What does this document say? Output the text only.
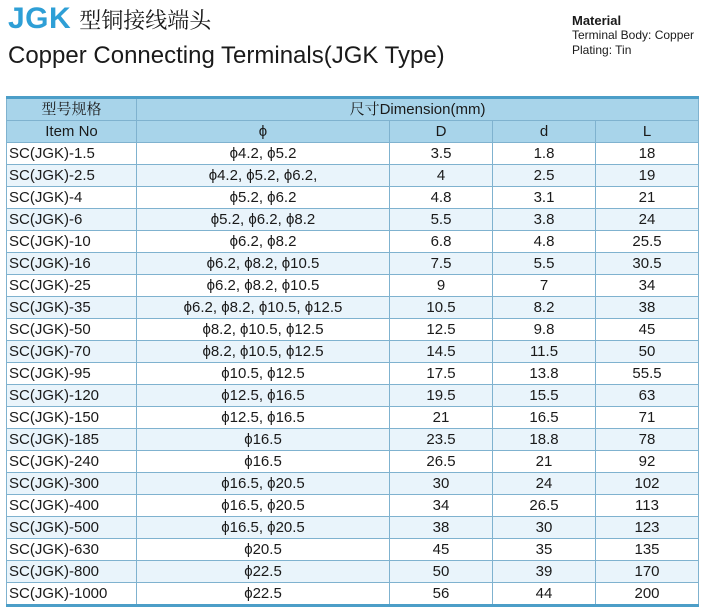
JGK 型铜接线端头
Copper Connecting Terminals(JGK Type)
Material
Terminal Body: Copper
Plating: Tin
型号规格	尺寸Dimension(mm)			
Item No	ϕ	D	d	L
SC(JGK)-1.5	ϕ4.2, ϕ5.2	3.5	1.8	18
SC(JGK)-2.5	ϕ4.2, ϕ5.2, ϕ6.2,	4	2.5	19
SC(JGK)-4	ϕ5.2, ϕ6.2	4.8	3.1	21
SC(JGK)-6	ϕ5.2, ϕ6.2, ϕ8.2	5.5	3.8	24
SC(JGK)-10	ϕ6.2, ϕ8.2	6.8	4.8	25.5
SC(JGK)-16	ϕ6.2, ϕ8.2, ϕ10.5	7.5	5.5	30.5
SC(JGK)-25	ϕ6.2, ϕ8.2, ϕ10.5	9	7	34
SC(JGK)-35	ϕ6.2, ϕ8.2, ϕ10.5, ϕ12.5	10.5	8.2	38
SC(JGK)-50	ϕ8.2, ϕ10.5, ϕ12.5	12.5	9.8	45
SC(JGK)-70	ϕ8.2, ϕ10.5, ϕ12.5	14.5	11.5	50
SC(JGK)-95	ϕ10.5, ϕ12.5	17.5	13.8	55.5
SC(JGK)-120	ϕ12.5, ϕ16.5	19.5	15.5	63
SC(JGK)-150	ϕ12.5, ϕ16.5	21	16.5	71
SC(JGK)-185	ϕ16.5	23.5	18.8	78
SC(JGK)-240	ϕ16.5	26.5	21	92
SC(JGK)-300	ϕ16.5, ϕ20.5	30	24	102
SC(JGK)-400	ϕ16.5, ϕ20.5	34	26.5	113
SC(JGK)-500	ϕ16.5, ϕ20.5	38	30	123
SC(JGK)-630	ϕ20.5	45	35	135
SC(JGK)-800	ϕ22.5	50	39	170
SC(JGK)-1000	ϕ22.5	56	44	200
